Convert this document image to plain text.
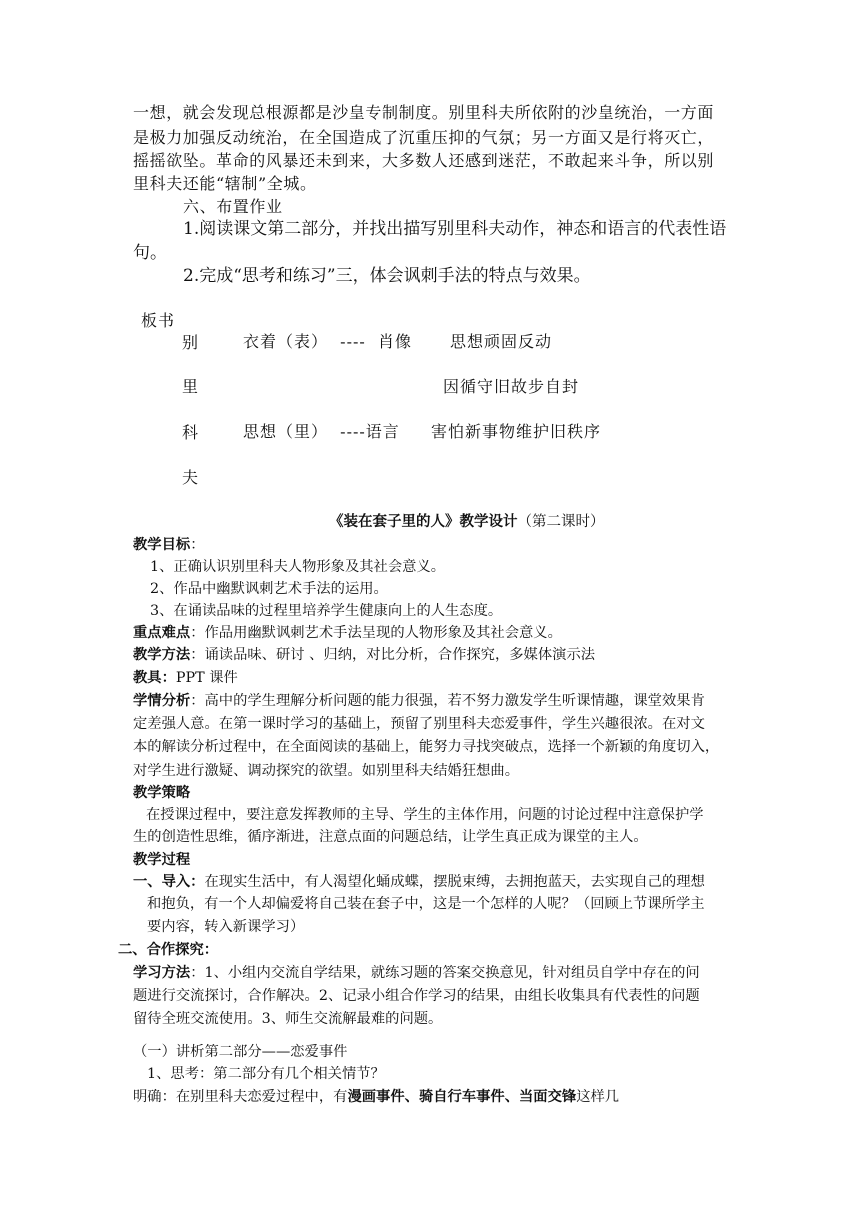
一想，就会发现总根源都是沙皇专制制度。别里科夫所依附的沙皇统治，一方面
是极力加强反动统治，在全国造成了沉重压抑的气氛；另一方面又是行将灭亡，
摇摇欲坠。革命的风暴还未到来，大多数人还感到迷茫，不敢起来斗争，所以别
里科夫还能“辖制”全城。
六、布置作业
1.阅读课文第二部分，并找出描写别里科夫动作，神态和语言的代表性语
句。
2.完成“思考和练习”三，体会讽刺手法的特点与效果。
板书
别
里
科
夫
衣着（表）  ----  肖像 思想顽固反动
因循守旧故步自封
思想（里）  ----语言 害怕新事物维护旧秩序
《装在套子里的人》教学设计（第二课时）
教学目标：
1、正确认识别里科夫人物形象及其社会意义。
2、作品中幽默讽刺艺术手法的运用。
3、在诵读品味的过程里培养学生健康向上的人生态度。
重点难点：作品用幽默讽刺艺术手法呈现的人物形象及其社会意义。
教学方法：诵读品味、研讨 、归纳，对比分析，合作探究，多媒体演示法
教具：PPT 课件
学情分析：高中的学生理解分析问题的能力很强，若不努力激发学生听课情趣，课堂效果肯
定差强人意。在第一课时学习的基础上，预留了别里科夫恋爱事件，学生兴趣很浓。在对文
本的解读分析过程中，在全面阅读的基础上，能努力寻找突破点，选择一个新颖的角度切入，
对学生进行激疑、调动探究的欲望。如别里科夫结婚狂想曲。
教学策略
在授课过程中，要注意发挥教师的主导、学生的主体作用，问题的讨论过程中注意保护学
生的创造性思维，循序渐进，注意点面的问题总结，让学生真正成为课堂的主人。
教学过程
一、导入：在现实生活中，有人渴望化蛹成蝶，摆脱束缚，去拥抱蓝天，去实现自己的理想
和抱负，有一个人却偏爱将自己装在套子中，这是一个怎样的人呢？（回顾上节课所学主
要内容，转入新课学习）
二、合作探究：
学习方法：1、小组内交流自学结果，就练习题的答案交换意见，针对组员自学中存在的问
题进行交流探讨，合作解决。2、记录小组合作学习的结果，由组长收集具有代表性的问题
留待全班交流使用。3、师生交流解最难的问题。
（一）讲析第二部分——恋爱事件
1、思考：第二部分有几个相关情节？
明确：在别里科夫恋爱过程中，有漫画事件、骑自行车事件、当面交锋这样几
